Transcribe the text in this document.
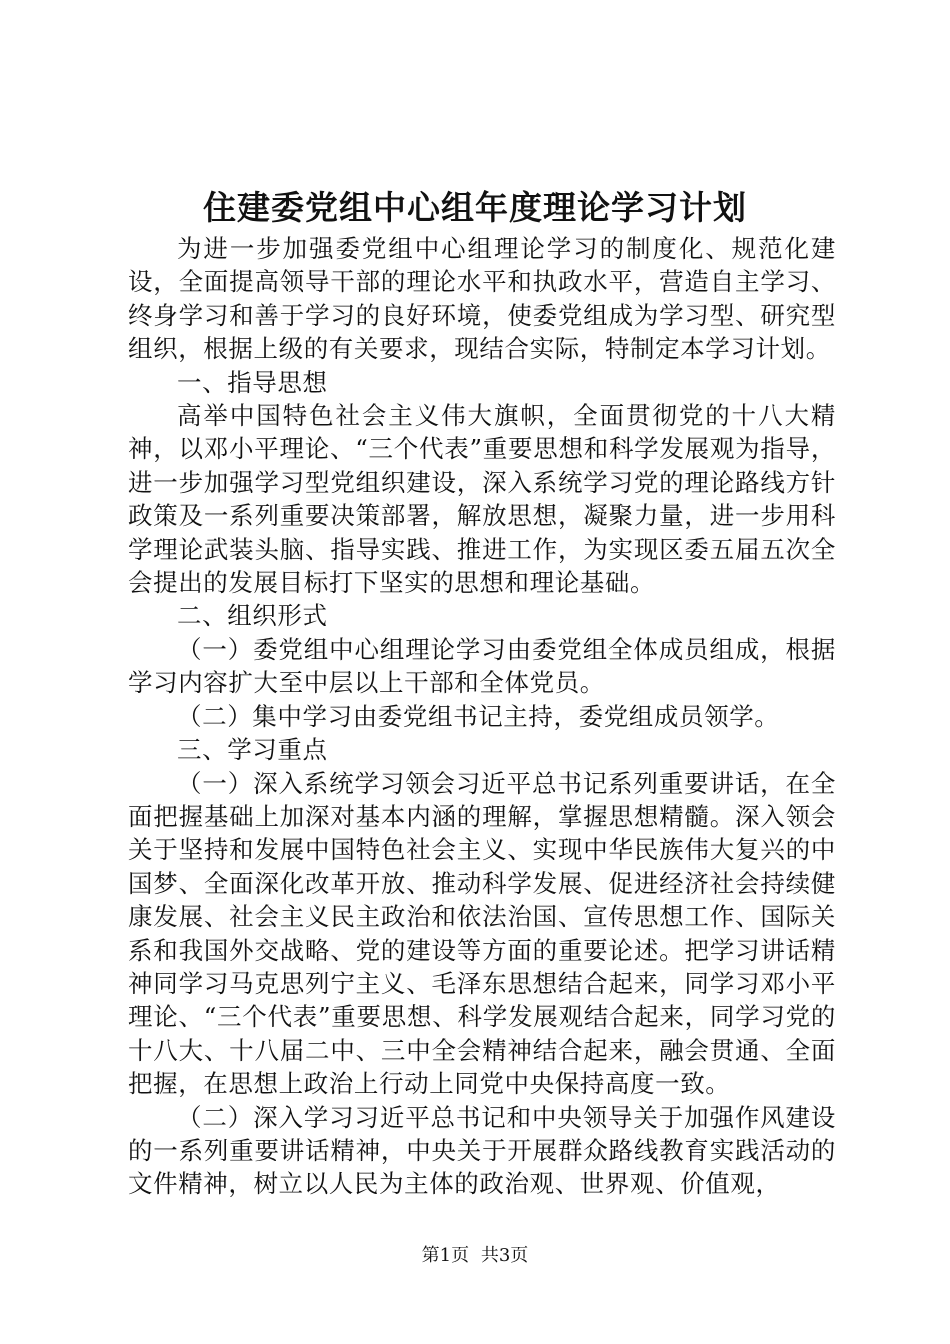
住建委党组中心组年度理论学习计划

为进一步加强委党组中心组理论学习的制度化、规范化建设，全面提高领导干部的理论水平和执政水平，营造自主学习、终身学习和善于学习的良好环境，使委党组成为学习型、研究型组织，根据上级的有关要求，现结合实际，特制定本学习计划。

一、指导思想

高举中国特色社会主义伟大旗帜，全面贯彻党的十八大精神，以邓小平理论、“三个代表”重要思想和科学发展观为指导，进一步加强学习型党组织建设，深入系统学习党的理论路线方针政策及一系列重要决策部署，解放思想，凝聚力量，进一步用科学理论武装头脑、指导实践、推进工作，为实现区委五届五次全会提出的发展目标打下坚实的思想和理论基础。

二、组织形式

（一）委党组中心组理论学习由委党组全体成员组成，根据学习内容扩大至中层以上干部和全体党员。

（二）集中学习由委党组书记主持，委党组成员领学。

三、学习重点

（一）深入系统学习领会习近平总书记系列重要讲话，在全面把握基础上加深对基本内涵的理解，掌握思想精髓。深入领会关于坚持和发展中国特色社会主义、实现中华民族伟大复兴的中国梦、全面深化改革开放、推动科学发展、促进经济社会持续健康发展、社会主义民主政治和依法治国、宣传思想工作、国际关系和我国外交战略、党的建设等方面的重要论述。把学习讲话精神同学习马克思列宁主义、毛泽东思想结合起来，同学习邓小平理论、“三个代表”重要思想、科学发展观结合起来，同学习党的十八大、十八届二中、三中全会精神结合起来，融会贯通、全面把握，在思想上政治上行动上同党中央保持高度一致。

（二）深入学习习近平总书记和中央领导关于加强作风建设的一系列重要讲话精神，中央关于开展群众路线教育实践活动的文件精神，树立以人民为主体的政治观、世界观、价值观，

第1页 共3页
